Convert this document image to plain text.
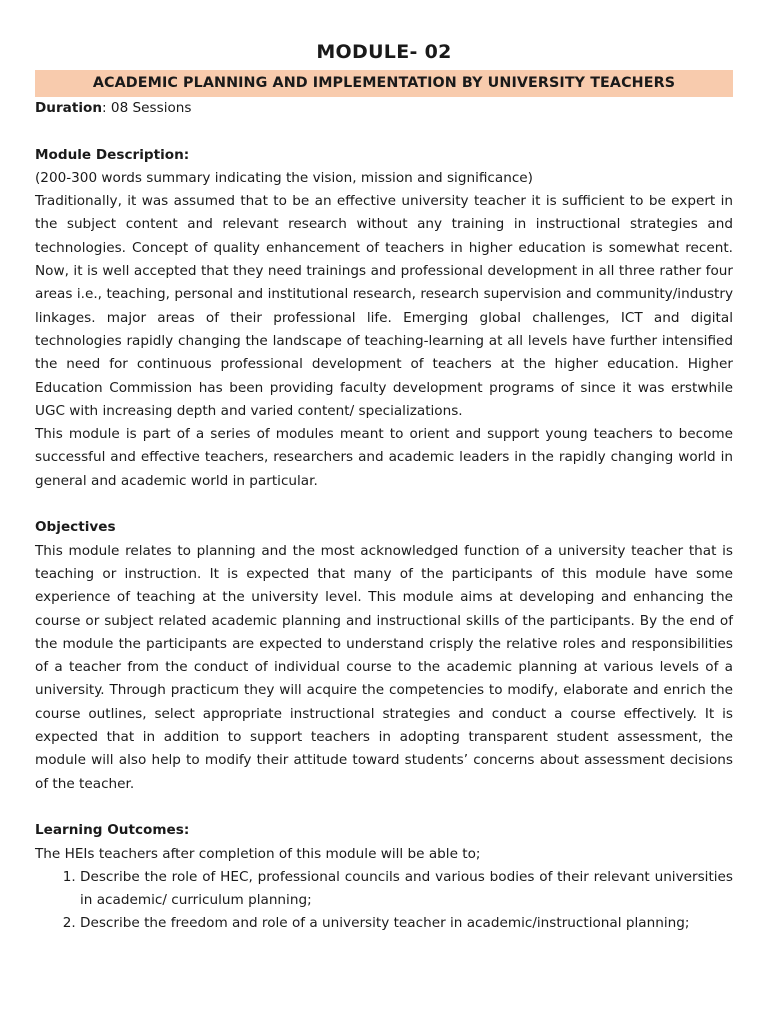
MODULE- 02
ACADEMIC PLANNING AND IMPLEMENTATION BY UNIVERSITY TEACHERS

Duration: 08 Sessions

Module Description:

(200-300 words summary indicating the vision, mission and significance)

Traditionally, it was assumed that to be an effective university teacher it is sufficient to be expert in the subject content and relevant research without any training in instructional strategies and technologies. Concept of quality enhancement of teachers in higher education is somewhat recent. Now, it is well accepted that they need trainings and professional development in all three rather four areas i.e., teaching, personal and institutional research, research supervision and community/industry linkages. major areas of their professional life. Emerging global challenges, ICT and digital technologies rapidly changing the landscape of teaching-learning at all levels have further intensified the need for continuous professional development of teachers at the higher education. Higher Education Commission has been providing faculty development programs of since it was erstwhile UGC with increasing depth and varied content/ specializations.

This module is part of a series of modules meant to orient and support young teachers to become successful and effective teachers, researchers and academic leaders in the rapidly changing world in general and academic world in particular.

Objectives

This module relates to planning and the most acknowledged function of a university teacher that is teaching or instruction. It is expected that many of the participants of this module have some experience of teaching at the university level. This module aims at developing and enhancing the course or subject related academic planning and instructional skills of the participants. By the end of the module the participants are expected to understand crisply the relative roles and responsibilities of a teacher from the conduct of individual course to the academic planning at various levels of a university. Through practicum they will acquire the competencies to modify, elaborate and enrich the course outlines, select appropriate instructional strategies and conduct a course effectively. It is expected that in addition to support teachers in adopting transparent student assessment, the module will also help to modify their attitude toward students’ concerns about assessment decisions of the teacher.

Learning Outcomes:

The HEIs teachers after completion of this module will be able to;

1. Describe the role of HEC, professional councils and various bodies of their relevant universities in academic/ curriculum planning;
2. Describe the freedom and role of a university teacher in academic/instructional planning;
